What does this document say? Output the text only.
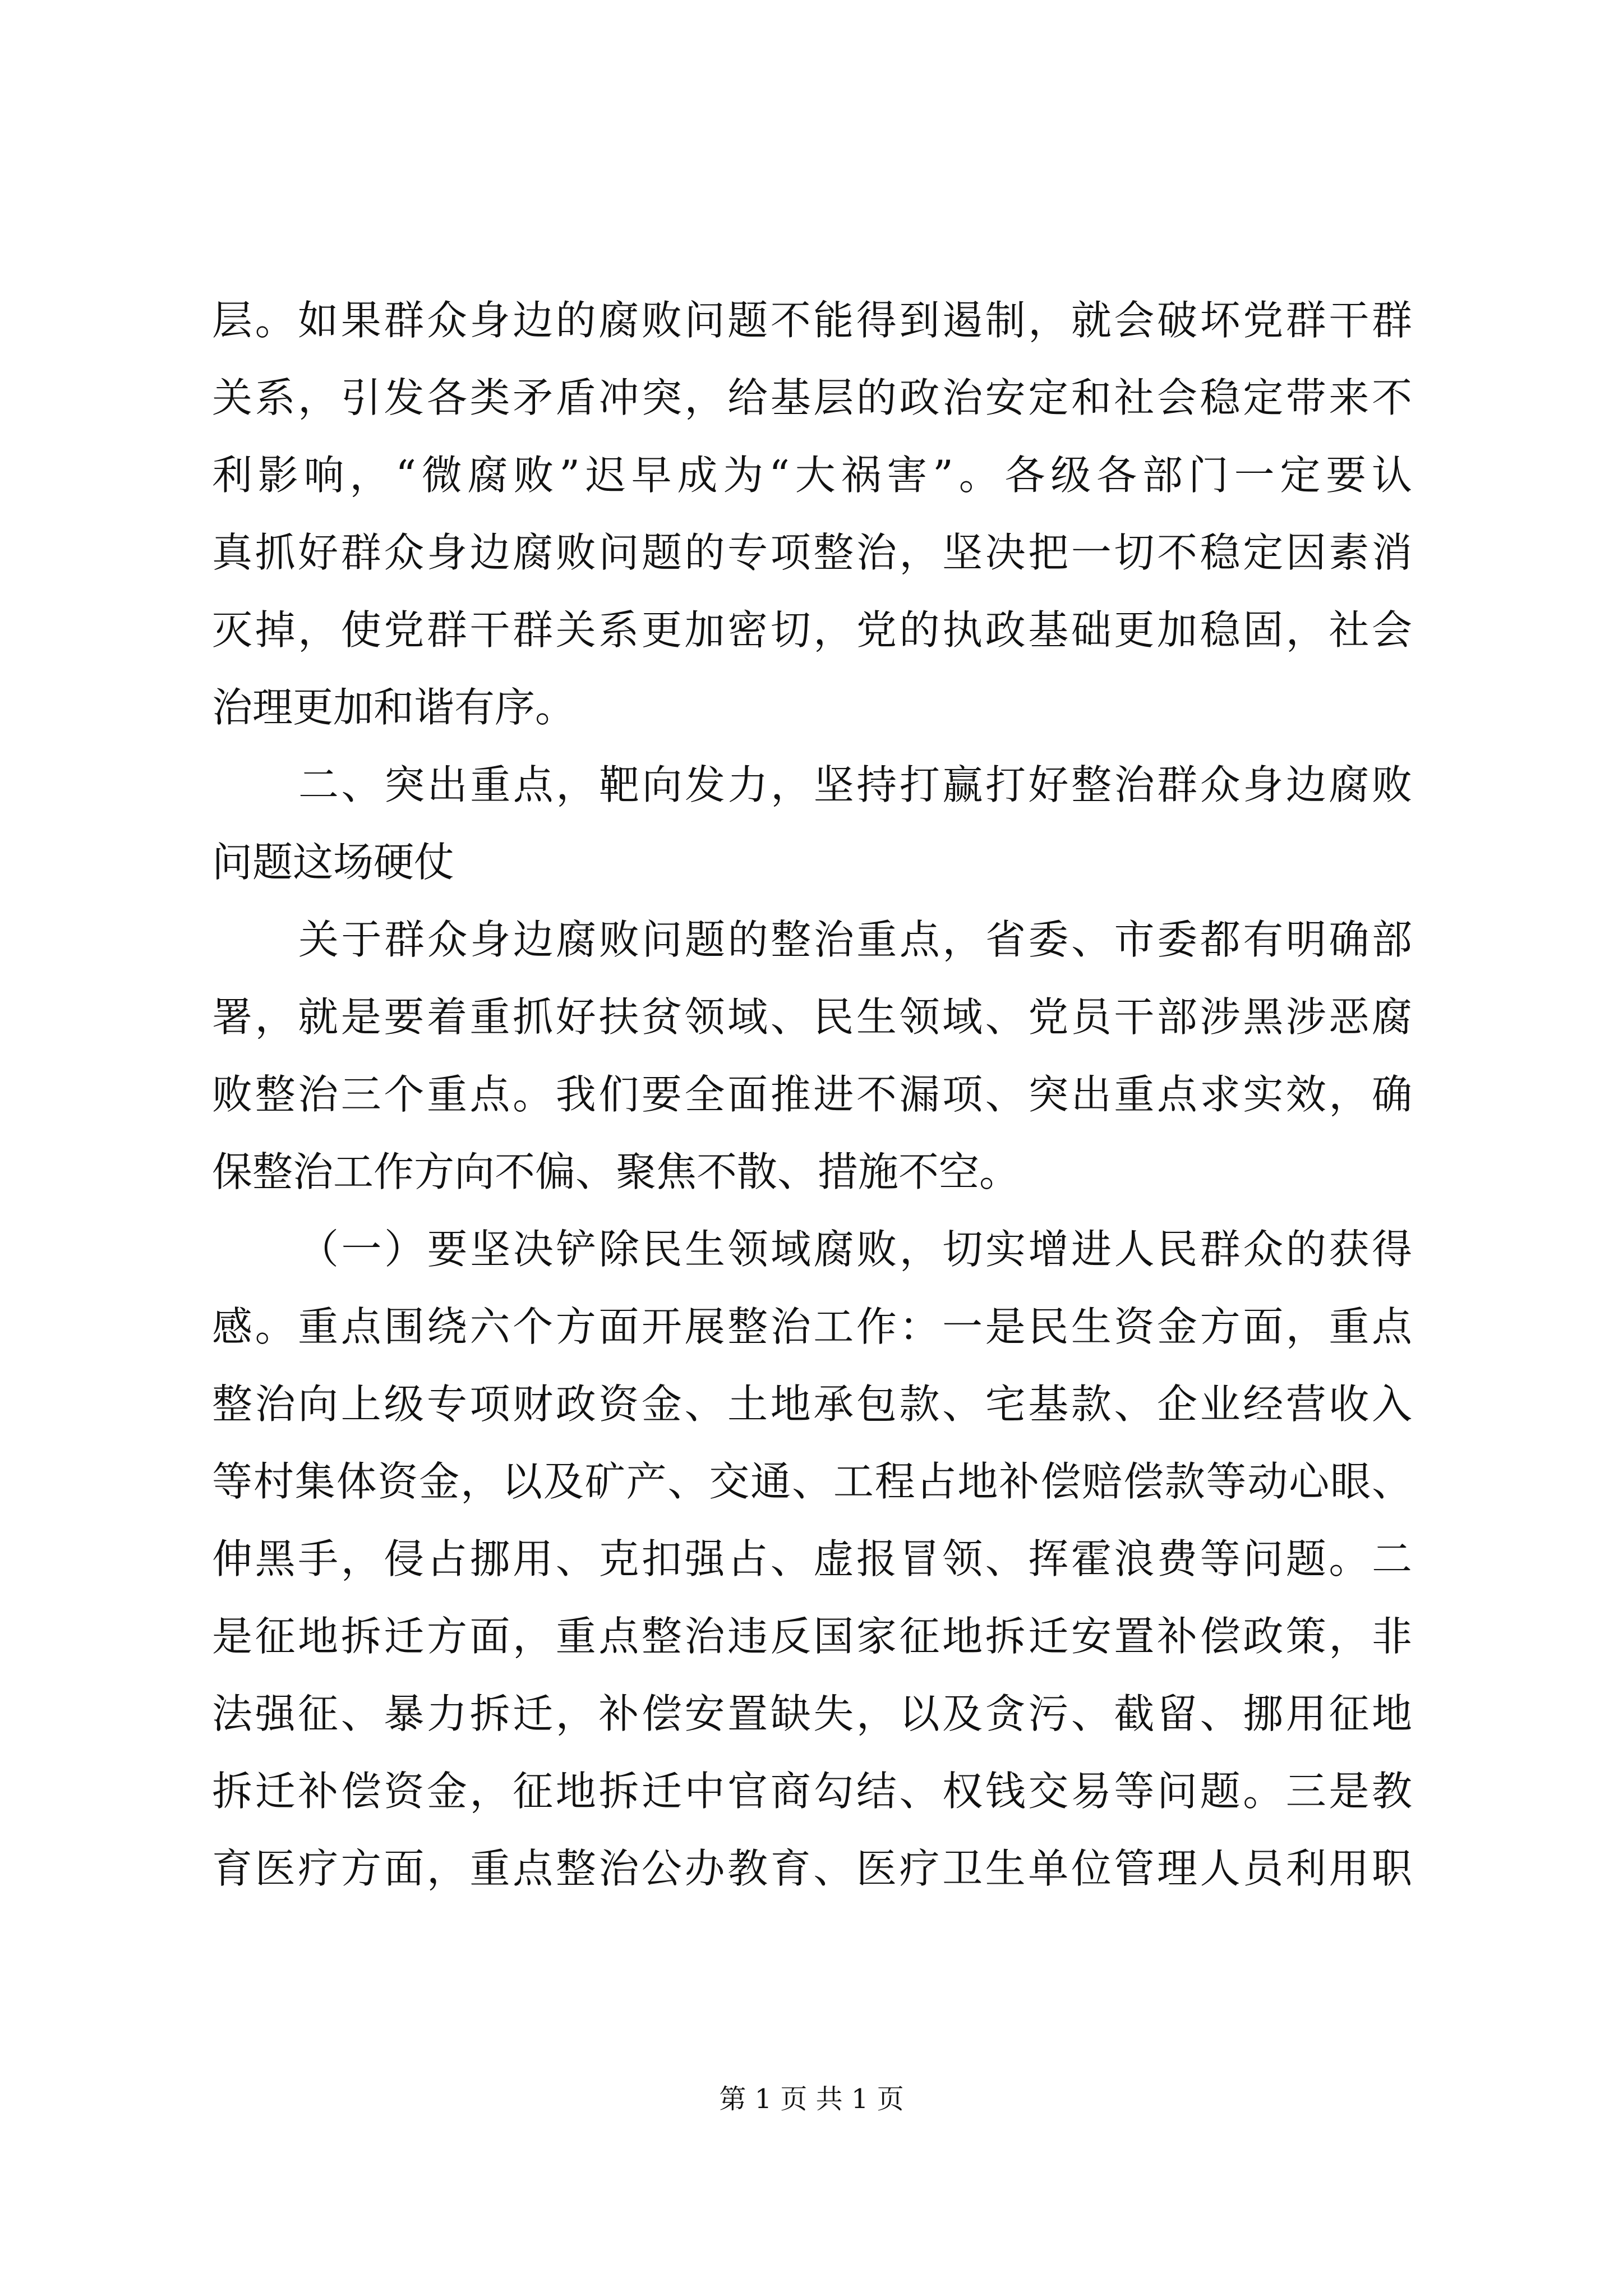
层。如果群众身边的腐败问题不能得到遏制，就会破坏党群干群
关系，引发各类矛盾冲突，给基层的政治安定和社会稳定带来不
利影响，“微腐败”迟早成为“大祸害”。各级各部门一定要认
真抓好群众身边腐败问题的专项整治，坚决把一切不稳定因素消
灭掉，使党群干群关系更加密切，党的执政基础更加稳固，社会
治理更加和谐有序。
二、突出重点，靶向发力，坚持打赢打好整治群众身边腐败
问题这场硬仗
关于群众身边腐败问题的整治重点，省委、市委都有明确部
署，就是要着重抓好扶贫领域、民生领域、党员干部涉黑涉恶腐
败整治三个重点。我们要全面推进不漏项、突出重点求实效，确
保整治工作方向不偏、聚焦不散、措施不空。
（一）要坚决铲除民生领域腐败，切实增进人民群众的获得
感。重点围绕六个方面开展整治工作：一是民生资金方面，重点
整治向上级专项财政资金、土地承包款、宅基款、企业经营收入
等村集体资金，以及矿产、交通、工程占地补偿赔偿款等动心眼、
伸黑手，侵占挪用、克扣强占、虚报冒领、挥霍浪费等问题。二
是征地拆迁方面，重点整治违反国家征地拆迁安置补偿政策，非
法强征、暴力拆迁，补偿安置缺失，以及贪污、截留、挪用征地
拆迁补偿资金，征地拆迁中官商勾结、权钱交易等问题。三是教
育医疗方面，重点整治公办教育、医疗卫生单位管理人员利用职
第 1 页 共 1 页
